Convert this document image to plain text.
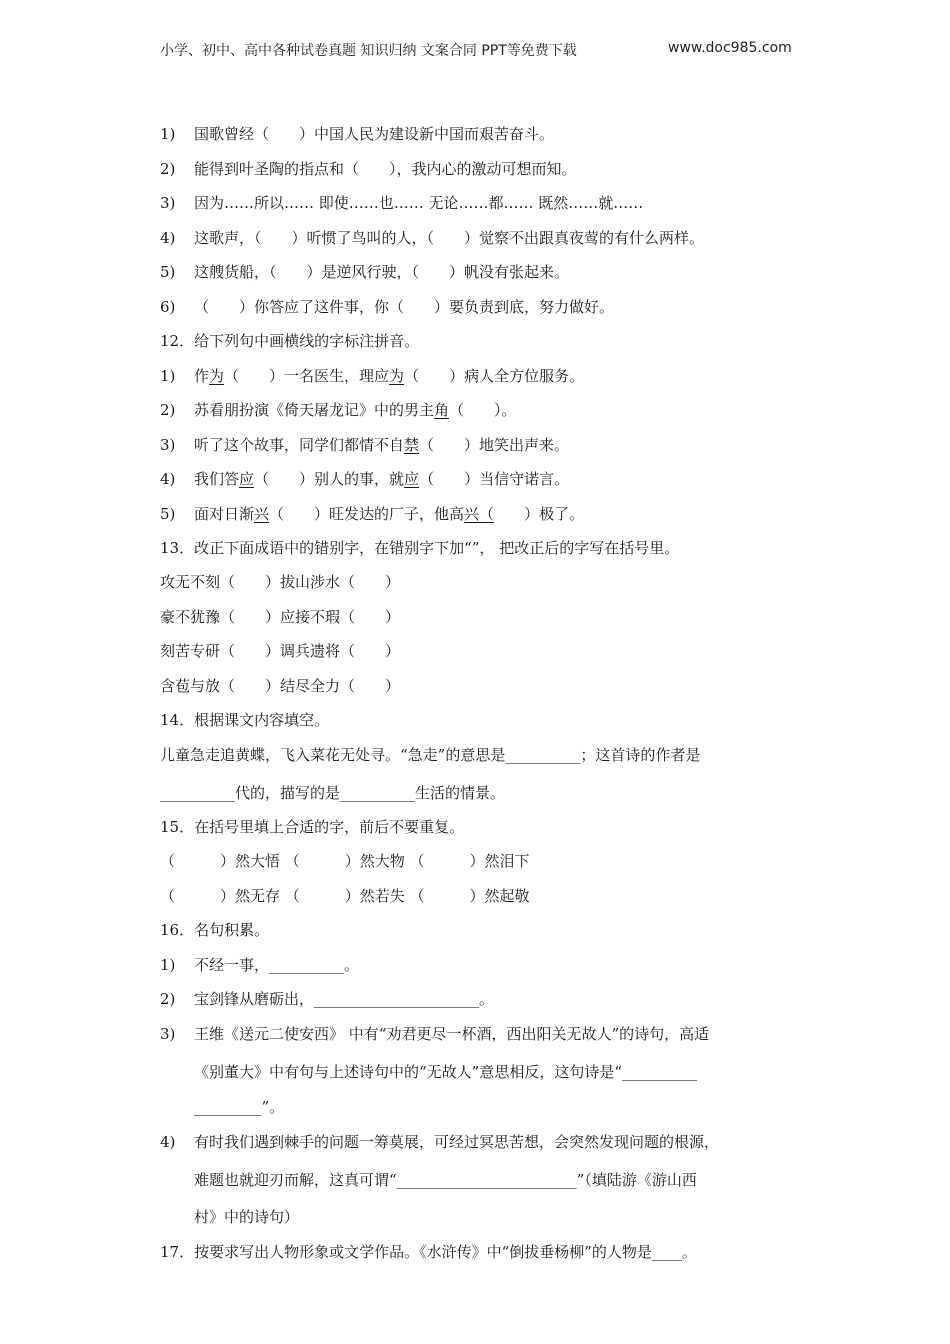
小学、初中、高中各种试卷真题 知识归纳 文案合同 PPT等免费下载	www.doc985.com
1) 国歌曾经（　　）中国人民为建设新中国而艰苦奋斗。
2) 能得到叶圣陶的指点和（　　），我内心的激动可想而知。
3) 因为……所以…… 即使……也…… 无论……都…… 既然……就……
4) 这歌声，（　　）听惯了鸟叫的人，（　　）觉察不出跟真夜莺的有什么两样。
5) 这艘货船，（　　）是逆风行驶，（　　）帆没有张起来。
6) （　　）你答应了这件事，你（　　）要负责到底，努力做好。
12．给下列句中画横线的字标注拼音。
1) 作为（　　）一名医生，理应为（　　）病人全方位服务。
2) 苏看朋扮演《倚天屠龙记》中的男主角（　　）。
3) 听了这个故事，同学们都情不自禁（　　）地笑出声来。
4) 我们答应（　　）别人的事，就应（　　）当信守诺言。
5) 面对日渐兴（　　）旺发达的厂子，他高兴（　　）极了。
13．改正下面成语中的错别字，在错别字下加“”， 把改正后的字写在括号里。
攻无不刻（　　）拔山涉水（　　）
豪不犹豫（　　）应接不瑕（　　）
刻苦专研（　　）调兵遗将（　　）
含苞与放（　　）结尽全力（　　）
14．根据课文内容填空。
儿童急走追黄蝶，飞入菜花无处寻。“急走”的意思是__________；这首诗的作者是
__________代的，描写的是__________生活的情景。
15．在括号里填上合适的字，前后不要重复。
（　　　）然大悟 （　　　）然大物 （　　　）然泪下
（　　　）然无存 （　　　）然若失 （　　　）然起敬
16．名句积累。
1) 不经一事，__________。
2) 宝剑锋从磨砺出，______________________。
3) 王维《送元二使安西》 中有“劝君更尽一杯酒，西出阳关无故人”的诗句，高适
《别董大》中有句与上述诗句中的“无故人”意思相反，这句诗是“__________
_________”。
4) 有时我们遇到棘手的问题一筹莫展，可经过冥思苦想，会突然发现问题的根源，
难题也就迎刃而解，这真可谓“________________________”（填陆游《游山西
村》中的诗句）
17．按要求写出人物形象或文学作品。《水浒传》中“倒拔垂杨柳”的人物是____。
